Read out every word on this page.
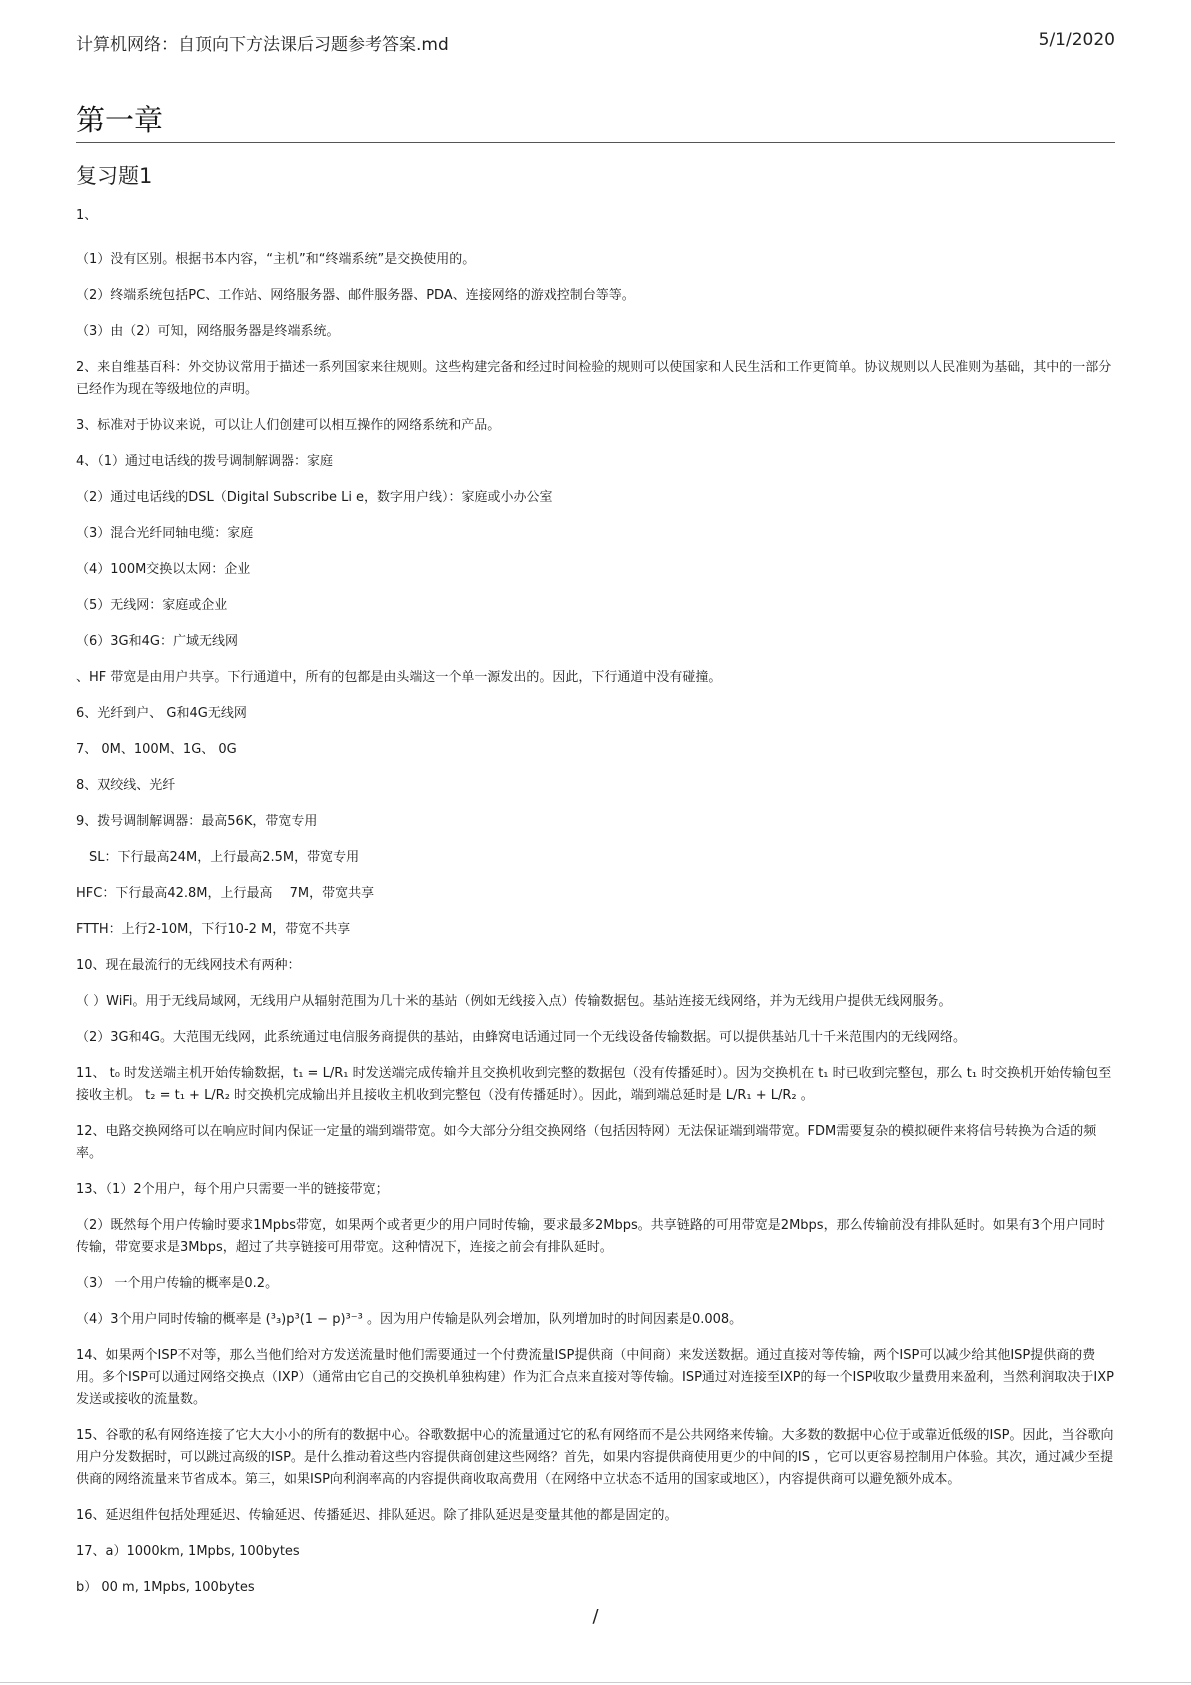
计算机网络：自顶向下方法课后习题参考答案.md	5/1/2020
第一章
复习题1

1、

（1）没有区别。根据书本内容，“主机”和“终端系统”是交换使用的。

（2）终端系统包括PC、工作站、网络服务器、邮件服务器、PDA、连接网络的游戏控制台等等。

（3）由（2）可知，网络服务器是终端系统。

2、来自维基百科：外交协议常用于描述一系列国家来往规则。这些构建完备和经过时间检验的规则可以使国家和人民生活和工作更简单。协议规则以人民准则为基础，其中的一部分已经作为现在等级地位的声明。

3、标准对于协议来说，可以让人们创建可以相互操作的网络系统和产品。

4、（1）通过电话线的拨号调制解调器：家庭

（2）通过电话线的DSL（Digital Subscribe Li e，数字用户线）：家庭或小办公室

（3）混合光纤同轴电缆：家庭

（4）100M交换以太网：企业

（5）无线网：家庭或企业

（6）3G和4G：广域无线网

、HF 带宽是由用户共享。下行通道中，所有的包都是由头端这一个单一源发出的。因此，下行通道中没有碰撞。

6、光纤到户、 G和4G无线网

7、 0M、100M、1G、 0G

8、双绞线、光纤

9、拨号调制解调器：最高56K，带宽专用

　SL：下行最高24M，上行最高2.5M，带宽专用

HFC：下行最高42.8M，上行最高　 7M，带宽共享

FTTH：上行2-10M，下行10-2 M，带宽不共享

10、现在最流行的无线网技术有两种：

（ ）WiFi。用于无线局域网，无线用户从辐射范围为几十米的基站（例如无线接入点）传输数据包。基站连接无线网络，并为无线用户提供无线网服务。

（2）3G和4G。大范围无线网，此系统通过电信服务商提供的基站，由蜂窝电话通过同一个无线设备传输数据。可以提供基站几十千米范围内的无线网络。

11、 t₀ 时发送端主机开始传输数据，t₁ = L/R₁ 时发送端完成传输并且交换机收到完整的数据包（没有传播延时）。因为交换机在 t₁ 时已收到完整包，那么 t₁ 时交换机开始传输包至接收主机。 t₂ = t₁ + L/R₂ 时交换机完成输出并且接收主机收到完整包（没有传播延时）。因此，端到端总延时是 L/R₁ + L/R₂ 。

12、电路交换网络可以在响应时间内保证一定量的端到端带宽。如今大部分分组交换网络（包括因特网）无法保证端到端带宽。FDM需要复杂的模拟硬件来将信号转换为合适的频率。

13、（1）2个用户，每个用户只需要一半的链接带宽；

（2）既然每个用户传输时要求1Mpbs带宽，如果两个或者更少的用户同时传输，要求最多2Mbps。共享链路的可用带宽是2Mbps，那么传输前没有排队延时。如果有3个用户同时传输，带宽要求是3Mbps，超过了共享链接可用带宽。这种情况下，连接之前会有排队延时。

（3） 一个用户传输的概率是0.2。

（4）3个用户同时传输的概率是 (³₃)p³(1 − p)³⁻³ 。因为用户传输是队列会增加，队列增加时的时间因素是0.008。

14、如果两个ISP不对等，那么当他们给对方发送流量时他们需要通过一个付费流量ISP提供商（中间商）来发送数据。通过直接对等传输，两个ISP可以减少给其他ISP提供商的费用。多个ISP可以通过网络交换点（IXP）（通常由它自己的交换机单独构建）作为汇合点来直接对等传输。ISP通过对连接至IXP的每一个ISP收取少量费用来盈利，当然利润取决于IXP发送或接收的流量数。

15、谷歌的私有网络连接了它大大小小的所有的数据中心。谷歌数据中心的流量通过它的私有网络而不是公共网络来传输。大多数的数据中心位于或靠近低级的ISP。因此，当谷歌向用户分发数据时，可以跳过高级的ISP。是什么推动着这些内容提供商创建这些网络？首先，如果内容提供商使用更少的中间的IS ，它可以更容易控制用户体验。其次，通过减少至提供商的网络流量来节省成本。第三，如果ISP向利润率高的内容提供商收取高费用（在网络中立状态不适用的国家或地区），内容提供商可以避免额外成本。

16、延迟组件包括处理延迟、传输延迟、传播延迟、排队延迟。除了排队延迟是变量其他的都是固定的。

17、a）1000km, 1Mpbs, 100bytes

b） 00 m, 1Mpbs, 100bytes

/
